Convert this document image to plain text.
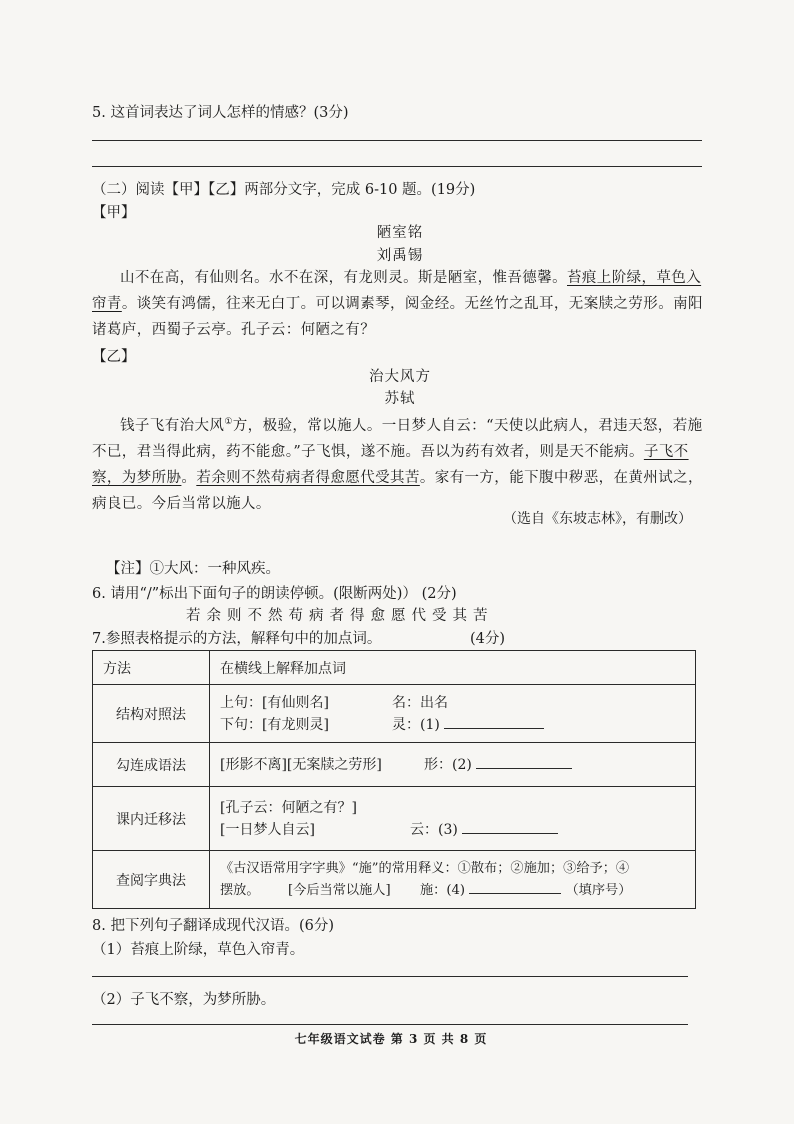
5. 这首词表达了词人怎样的情感？(3分)
（二）阅读【甲】【乙】两部分文字，完成 6-10 题。(19分)
【甲】
陋室铭
刘禹锡
山不在高，有仙则名。水不在深，有龙则灵。斯是陋室，惟吾德馨。苔痕上阶绿，草色入帘青。谈笑有鸿儒，往来无白丁。可以调素琴，阅金经。无丝竹之乱耳，无案牍之劳形。南阳诸葛庐，西蜀子云亭。孔子云：何陋之有？
【乙】
治大风方
苏轼
钱子飞有治大风①方，极验，常以施人。一日梦人自云：“天使以此病人，君违天怒，若施不已，君当得此病，药不能愈。”子飞惧，遂不施。吾以为药有效者，则是天不能病。子飞不察，为梦所胁。若余则不然苟病者得愈愿代受其苦。家有一方，能下腹中秽恶，在黄州试之，病良已。今后当常以施人。
（选自《东坡志林》，有删改）
【注】①大风：一种风疾。
6. 请用“/”标出下面句子的朗读停顿。(限断两处)） (2分)
若余则不然苟病者得愈愿代受其苦
7.参照表格提示的方法，解释句中的加点词。	(4分)
方法	在横线上解释加点词
结构对照法	上句：[有仙则名] 名：出名
下句：[有龙则灵] 灵：(1)

勾连成语法	[形影不离][无案牍之劳形] 形：(2)

课内迁移法	[孔子云：何陋之有？]
[一日梦人自云] 云：(3)

查阅字典法	《古汉语常用字字典》“施”的常用释义：①散布；②施加；③给予；④
摆放。 [今后当常以施人] 施：(4) （填序号）
8. 把下列句子翻译成现代汉语。(6分)
（1）苔痕上阶绿，草色入帘青。
（2）子飞不察，为梦所胁。
七年级语文试卷 第 3 页 共 8 页
